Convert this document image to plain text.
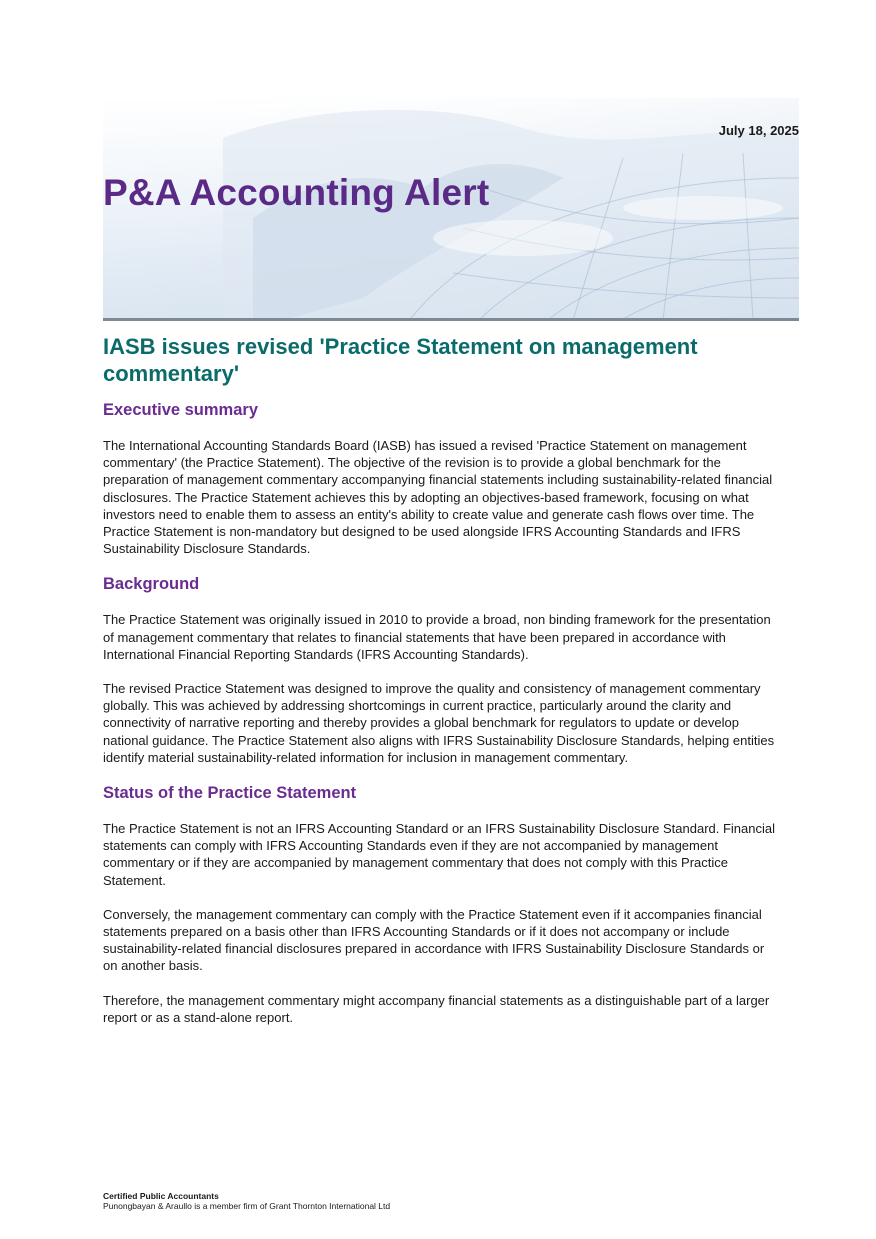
July 18, 2025
P&A Accounting Alert
IASB issues revised 'Practice Statement on management commentary'
Executive summary

The International Accounting Standards Board (IASB) has issued a revised 'Practice Statement on management commentary' (the Practice Statement). The objective of the revision is to provide a global benchmark for the preparation of management commentary accompanying financial statements including sustainability-related financial disclosures. The Practice Statement achieves this by adopting an objectives-based framework, focusing on what investors need to enable them to assess an entity's ability to create value and generate cash flows over time. The Practice Statement is non-mandatory but designed to be used alongside IFRS Accounting Standards and IFRS Sustainability Disclosure Standards.

Background

The Practice Statement was originally issued in 2010 to provide a broad, non binding framework for the presentation of management commentary that relates to financial statements that have been prepared in accordance with International Financial Reporting Standards (IFRS Accounting Standards).

The revised Practice Statement was designed to improve the quality and consistency of management commentary globally. This was achieved by addressing shortcomings in current practice, particularly around the clarity and connectivity of narrative reporting and thereby provides a global benchmark for regulators to update or develop national guidance. The Practice Statement also aligns with IFRS Sustainability Disclosure Standards, helping entities identify material sustainability-related information for inclusion in management commentary.

Status of the Practice Statement

The Practice Statement is not an IFRS Accounting Standard or an IFRS Sustainability Disclosure Standard. Financial statements can comply with IFRS Accounting Standards even if they are not accompanied by management commentary or if they are accompanied by management commentary that does not comply with this Practice Statement.

Conversely, the management commentary can comply with the Practice Statement even if it accompanies financial statements prepared on a basis other than IFRS Accounting Standards or if it does not accompany or include sustainability-related financial disclosures prepared in accordance with IFRS Sustainability Disclosure Standards or on another basis.

Therefore, the management commentary might accompany financial statements as a distinguishable part of a larger report or as a stand-alone report.

Certified Public Accountants
Punongbayan & Araullo is a member firm of Grant Thornton International Ltd
